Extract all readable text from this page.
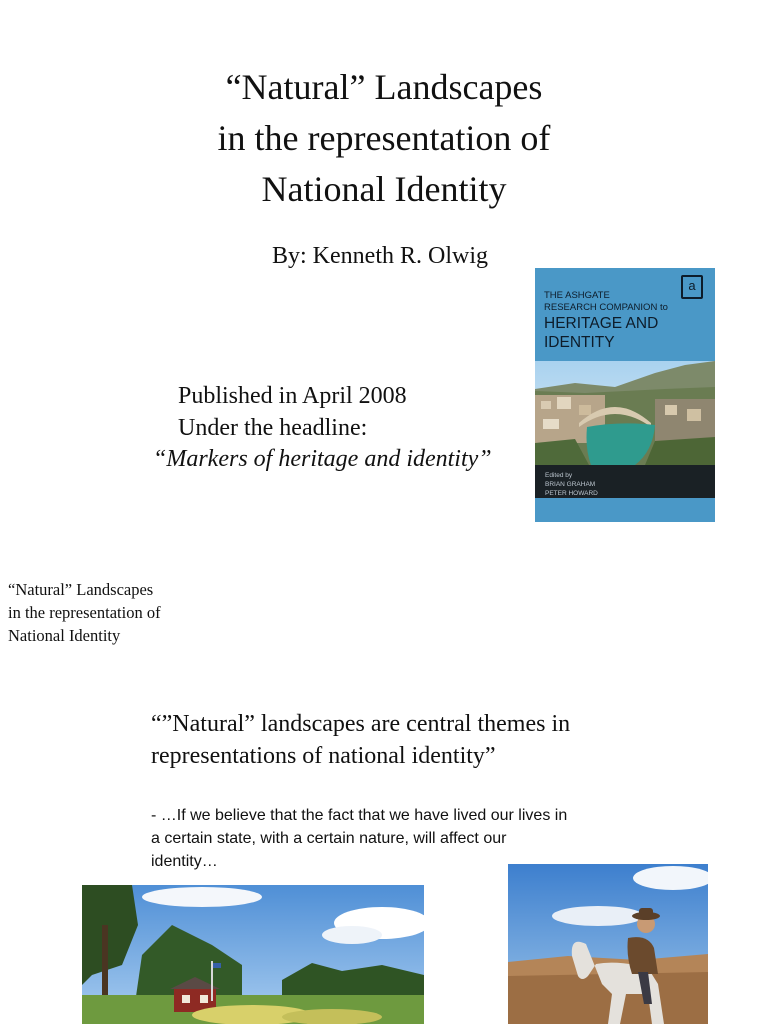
“Natural” Landscapes
in the representation of
National Identity
By: Kenneth R. Olwig
Published in April 2008
Under the headline:
“Markers of heritage and identity”
a
THE ASHGATE
RESEARCH COMPANION to
HERITAGE AND
IDENTITY
Edited by
BRIAN GRAHAM
PETER HOWARD
“Natural” Landscapes
in the representation of
National Identity
“”Natural” landscapes are central themes in
representations of national identity”
- …If we believe that the fact that we have lived our lives in
a certain state, with a certain nature, will affect our
identity…
